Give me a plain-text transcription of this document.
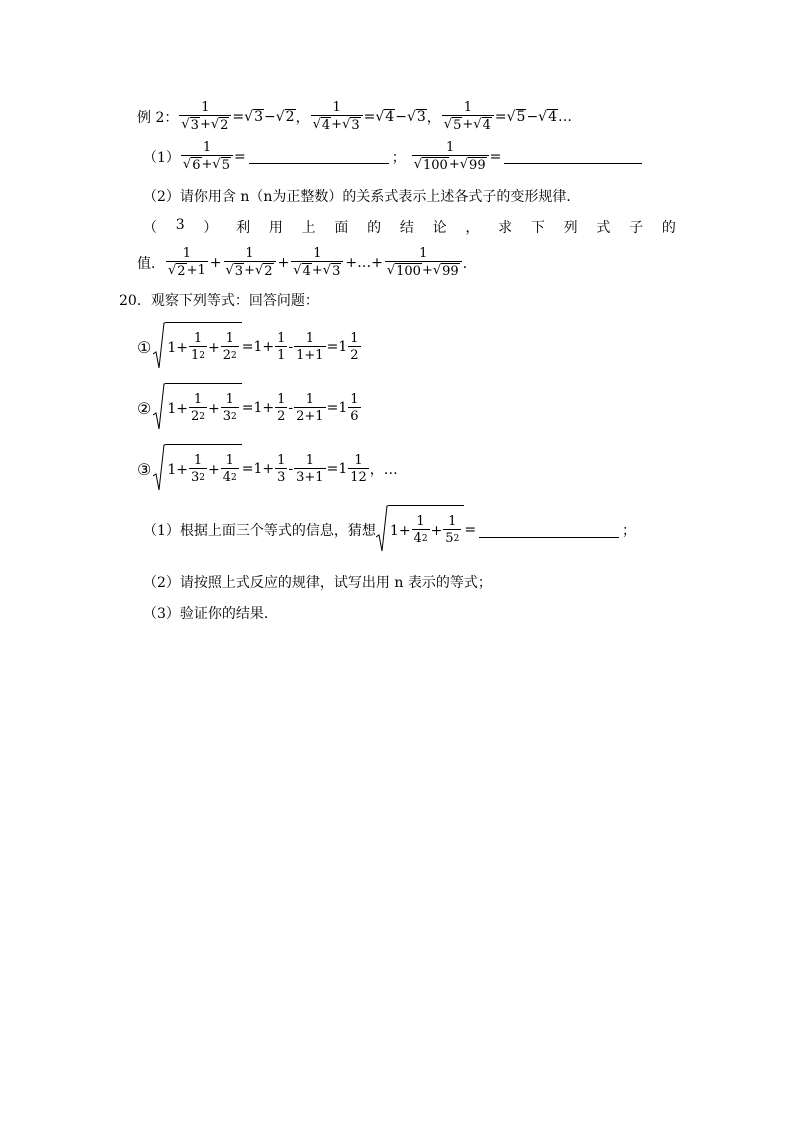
例 2： $\frac{1}{√ 3 + √ 2}$ =√ 3 −√ 2 ， $\frac{1}{√ 4 + √ 3}$ =√ 4 −√ 3 ， $\frac{1}{√ 5 + √ 4}$ =√ 5 −√ 4 …
$(1) \frac{1}{√ 6 + √ 5}$ =	； $\frac{1}{√ 100 + √ 99}$ =
（2）请你用含 n（n为正整数）的关系式表示上述各式子的变形规律．
（ 3 ） 利 用 上 面 的 结 论 ， 求 下 列 式 子 的
值． $\frac{1}{√ 2 + 1} + \frac{1}{√ 3 + √ 2} + \frac{1}{√ 4 + √ 3}$ +…+ $\frac{1}{√ 100 + √ 99}$ ．
20．观察下列等式：回答问题：
① $1+ \frac{1}{1 2} + \frac{1}{2 2} =1+ \frac{1}{1} - \frac{1}{1+1} = 1 \frac{1}{2}$
② $1+ \frac{1}{2 2} + \frac{1}{3 2} =1+ \frac{1}{2} - \frac{1}{2+1} = 1 \frac{1}{6}$
③ $1+ \frac{1}{3 2} + \frac{1}{4 2} =1+ \frac{1}{3} - \frac{1}{3+1} = 1 \frac{1}{12}$ ，…
（1）根据上面三个等式的信息，猜想 $1+ \frac{1}{4 2} + \frac{1}{5 2}$ =	；
（2）请按照上式反应的规律，试写出用 n 表示的等式；
（3）验证你的结果．
